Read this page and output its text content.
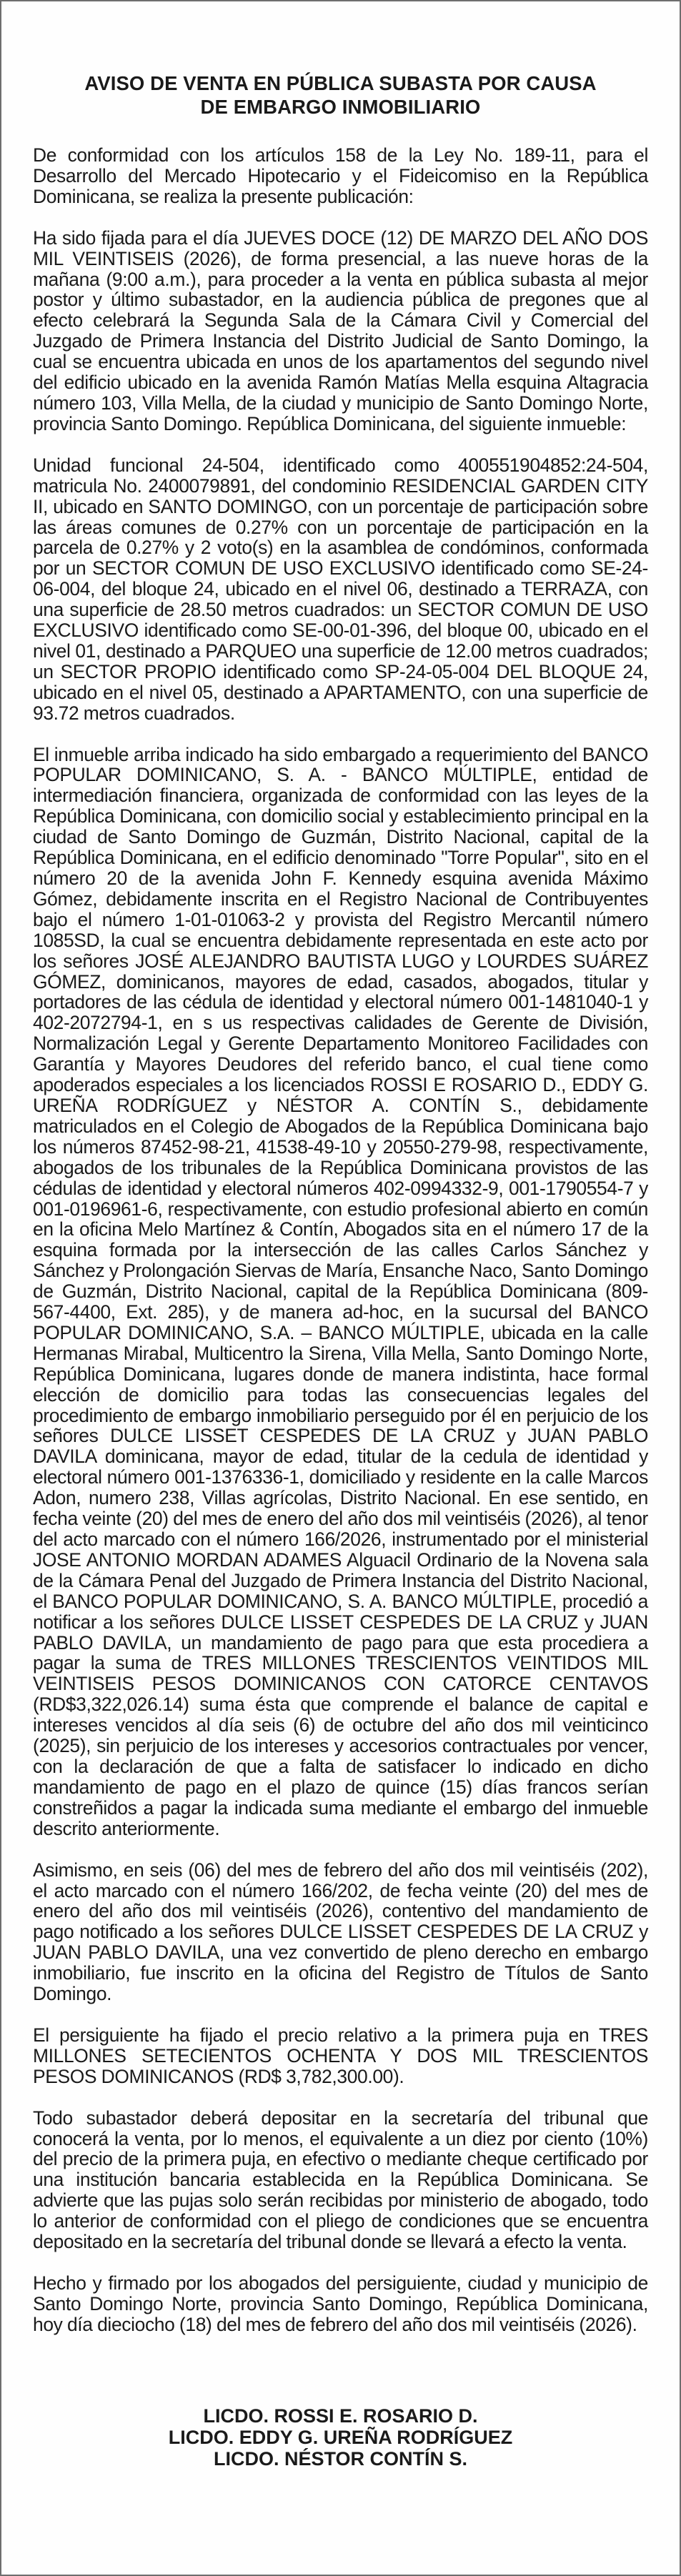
AVISO DE VENTA EN PÚBLICA SUBASTA POR CAUSA
DE EMBARGO INMOBILIARIO

De conformidad con los artículos 158 de la Ley No. 189-11, para el Desarrollo del Mercado Hipotecario y el Fideicomiso en la República Dominicana, se realiza la presente publicación:

Ha sido fijada para el día JUEVES DOCE (12) DE MARZO DEL AÑO DOS MIL VEINTISEIS (2026), de forma presencial, a las nueve horas de la mañana (9:00 a.m.), para proceder a la venta en pública subasta al mejor postor y último subastador, en la audiencia pública de pregones que al efecto celebrará la Segunda Sala de la Cámara Civil y Comercial del Juzgado de Primera Instancia del Distrito Judicial de Santo Domingo, la cual se encuentra ubicada en unos de los apartamentos del segundo nivel del edificio ubicado en la avenida Ramón Matías Mella esquina Altagracia número 103, Villa Mella, de la ciudad y municipio de Santo Domingo Norte, provincia Santo Domingo. República Dominicana, del siguiente inmueble:

Unidad funcional 24-504, identificado como 400551904852:24-504, matricula No. 2400079891, del condominio RESIDENCIAL GARDEN CITY II, ubicado en SANTO DOMINGO, con un porcentaje de participación sobre las áreas comunes de 0.27% con un porcentaje de participación en la parcela de 0.27% y 2 voto(s) en la asamblea de condóminos, conformada por un SECTOR COMUN DE USO EXCLUSIVO identificado como SE-24-06-004, del bloque 24, ubicado en el nivel 06, destinado a TERRAZA, con una superficie de 28.50 metros cuadrados: un SECTOR COMUN DE USO EXCLUSIVO identificado como SE-00-01-396, del bloque 00, ubicado en el nivel 01, destinado a PARQUEO una superficie de 12.00 metros cuadrados; un SECTOR PROPIO identificado como SP-24-05-004 DEL BLOQUE 24, ubicado en el nivel 05, destinado a APARTAMENTO, con una superficie de 93.72 metros cuadrados.

El inmueble arriba indicado ha sido embargado a requerimiento del BANCO POPULAR DOMINICANO, S. A. - BANCO MÚLTIPLE, entidad de intermediación financiera, organizada de conformidad con las leyes de la República Dominicana, con domicilio social y establecimiento principal en la ciudad de Santo Domingo de Guzmán, Distrito Nacional, capital de la República Dominicana, en el edificio denominado "Torre Popular", sito en el número 20 de la avenida John F. Kennedy esquina avenida Máximo Gómez, debidamente inscrita en el Registro Nacional de Contribuyentes bajo el número 1-01-01063-2 y provista del Registro Mercantil número 1085SD, la cual se encuentra debidamente representada en este acto por los señores JOSÉ ALEJANDRO BAUTISTA LUGO y LOURDES SUÁREZ GÓMEZ, dominicanos, mayores de edad, casados, abogados, titular y portadores de las cédula de identidad y electoral número 001-1481040-1 y 402-2072794-1, en s us respectivas calidades de Gerente de División, Normalización Legal y Gerente Departamento Monitoreo Facilidades con Garantía y Mayores Deudores del referido banco, el cual tiene como apoderados especiales a los licenciados ROSSI E ROSARIO D., EDDY G. UREÑA RODRÍGUEZ y NÉSTOR A. CONTÍN S., debidamente matriculados en el Colegio de Abogados de la República Dominicana bajo los números 87452-98-21, 41538-49-10 y 20550-279-98, respectivamente, abogados de los tribunales de la República Dominicana provistos de las cédulas de identidad y electoral números 402-0994332-9, 001-1790554-7 y 001-0196961-6, respectivamente, con estudio profesional abierto en común en la oficina Melo Martínez & Contín, Abogados sita en el número 17 de la esquina formada por la intersección de las calles Carlos Sánchez y Sánchez y Prolongación Siervas de María, Ensanche Naco, Santo Domingo de Guzmán, Distrito Nacional, capital de la República Dominicana (809-567-4400, Ext. 285), y de manera ad-hoc, en la sucursal del BANCO POPULAR DOMINICANO, S.A. – BANCO MÚLTIPLE, ubicada en la calle Hermanas Mirabal, Multicentro la Sirena, Villa Mella, Santo Domingo Norte, República Dominicana, lugares donde de manera indistinta, hace formal elección de domicilio para todas las consecuencias legales del procedimiento de embargo inmobiliario perseguido por él en perjuicio de los señores DULCE LISSET CESPEDES DE LA CRUZ y JUAN PABLO DAVILA dominicana, mayor de edad, titular de la cedula de identidad y electoral número 001-1376336-1, domiciliado y residente en la calle Marcos Adon, numero 238, Villas agrícolas, Distrito Nacional. En ese sentido, en fecha veinte (20) del mes de enero del año dos mil veintiséis (2026), al tenor del acto marcado con el número 166/2026, instrumentado por el ministerial JOSE ANTONIO MORDAN ADAMES Alguacil Ordinario de la Novena sala de la Cámara Penal del Juzgado de Primera Instancia del Distrito Nacional, el BANCO POPULAR DOMINICANO, S. A. BANCO MÚLTIPLE, procedió a notificar a los señores DULCE LISSET CESPEDES DE LA CRUZ y JUAN PABLO DAVILA, un mandamiento de pago para que esta procediera a pagar la suma de TRES MILLONES TRESCIENTOS VEINTIDOS MIL VEINTISEIS PESOS DOMINICANOS CON CATORCE CENTAVOS (RD$3,322,026.14) suma ésta que comprende el balance de capital e intereses vencidos al día seis (6) de octubre del año dos mil veinticinco (2025), sin perjuicio de los intereses y accesorios contractuales por vencer, con la declaración de que a falta de satisfacer lo indicado en dicho mandamiento de pago en el plazo de quince (15) días francos serían constreñidos a pagar la indicada suma mediante el embargo del inmueble descrito anteriormente.

Asimismo, en seis (06) del mes de febrero del año dos mil veintiséis (202), el acto marcado con el número 166/202, de fecha veinte (20) del mes de enero del año dos mil veintiséis (2026), contentivo del mandamiento de pago notificado a los señores DULCE LISSET CESPEDES DE LA CRUZ y JUAN PABLO DAVILA, una vez convertido de pleno derecho en embargo inmobiliario, fue inscrito en la oficina del Registro de Títulos de Santo Domingo.

El persiguiente ha fijado el precio relativo a la primera puja en TRES MILLONES SETECIENTOS OCHENTA Y DOS MIL TRESCIENTOS PESOS DOMINICANOS (RD$ 3,782,300.00).

Todo subastador deberá depositar en la secretaría del tribunal que conocerá la venta, por lo menos, el equivalente a un diez por ciento (10%) del precio de la primera puja, en efectivo o mediante cheque certificado por una institución bancaria establecida en la República Dominicana. Se advierte que las pujas solo serán recibidas por ministerio de abogado, todo lo anterior de conformidad con el pliego de condiciones que se encuentra depositado en la secretaría del tribunal donde se llevará a efecto la venta.

Hecho y firmado por los abogados del persiguiente, ciudad y municipio de Santo Domingo Norte, provincia Santo Domingo, República Dominicana, hoy día dieciocho (18) del mes de febrero del año dos mil veintiséis (2026).

LICDO. ROSSI E. ROSARIO D.
LICDO. EDDY G. UREÑA RODRÍGUEZ
LICDO. NÉSTOR CONTÍN S.
